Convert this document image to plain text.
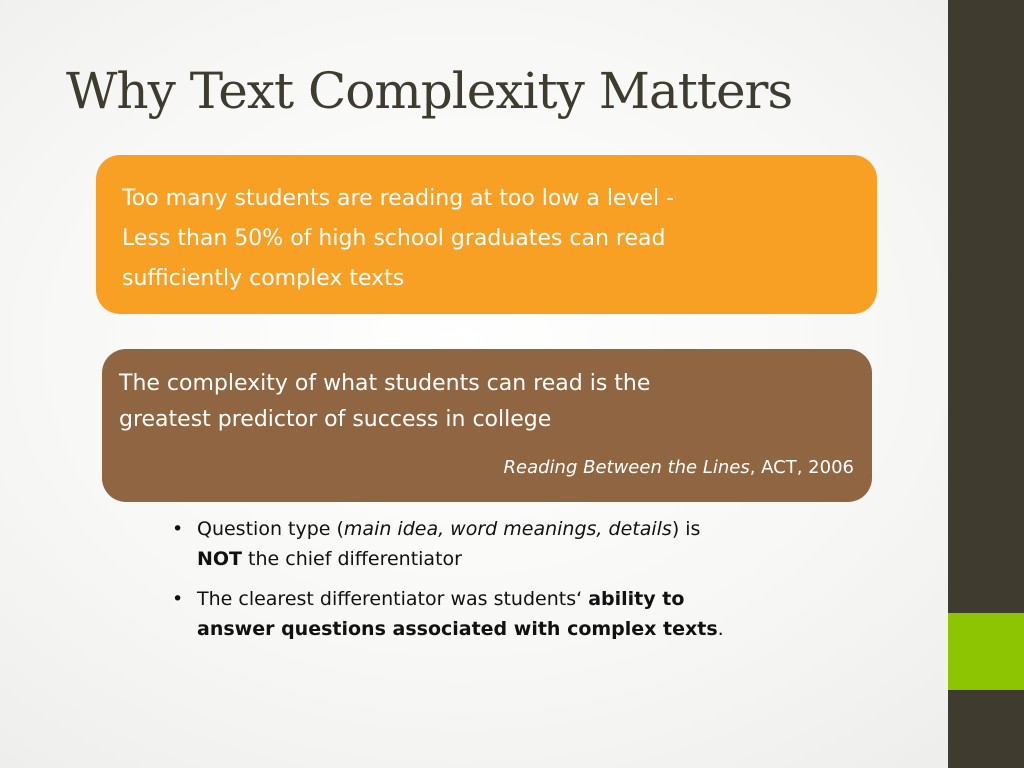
Why Text Complexity Matters
Too many students are reading at too low a level -
Less than 50% of high school graduates can read
sufficiently complex texts
The complexity of what students can read is the
greatest predictor of success in college
Reading Between the Lines, ACT, 2006
• Question type (main idea, word meanings, details) is
NOT the chief differentiator
• The clearest differentiator was students‘ ability to
answer questions associated with complex texts.
